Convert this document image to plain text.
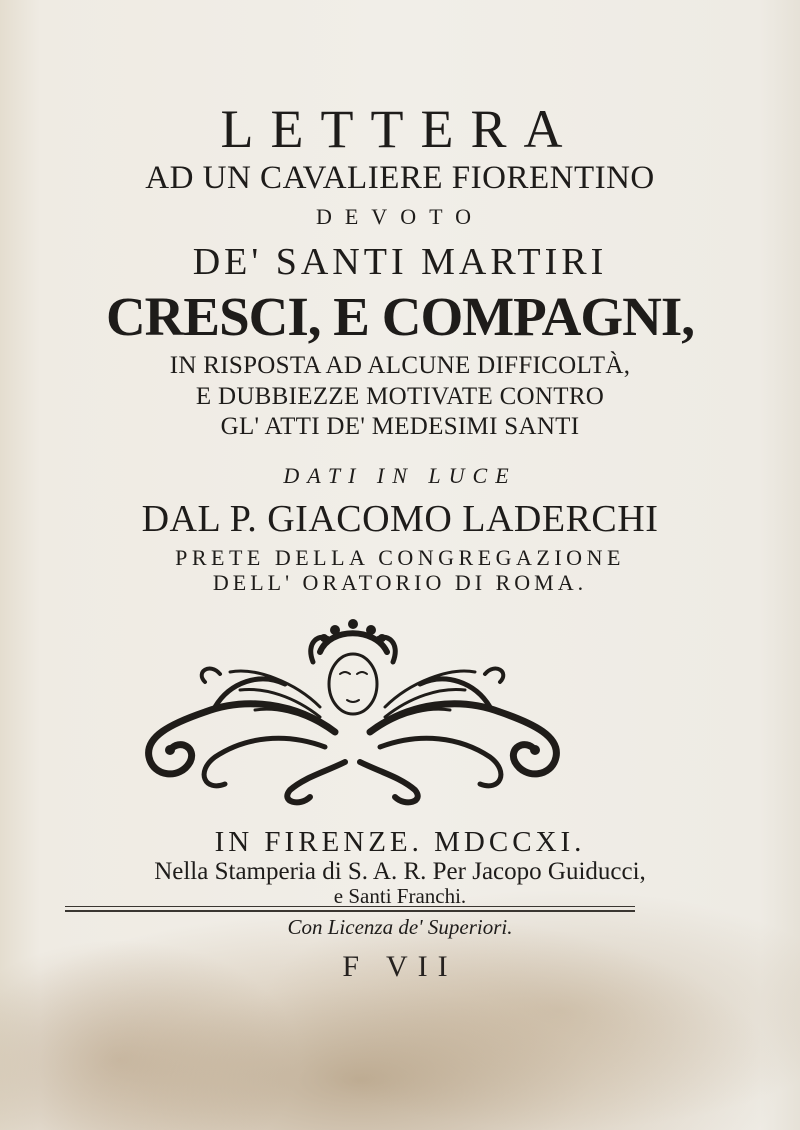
LETTERA
AD UN CAVALIERE FIORENTINO
DEVOTO
DE' SANTI MARTIRI
CRESCI, E COMPAGNI,
IN RISPOSTA AD ALCUNE DIFFICOLTÀ,
E DUBBIEZZE MOTIVATE CONTRO
GL' ATTI DE' MEDESIMI SANTI
DATI IN LUCE
DAL P. GIACOMO LADERCHI
PRETE DELLA CONGREGAZIONE
DELL' ORATORIO DI ROMA.
IN FIRENZE. MDCCXI.
Nella Stamperia di S. A. R. Per Jacopo Guiducci,
e Santi Franchi.
Con Licenza de' Superiori.
F VII
